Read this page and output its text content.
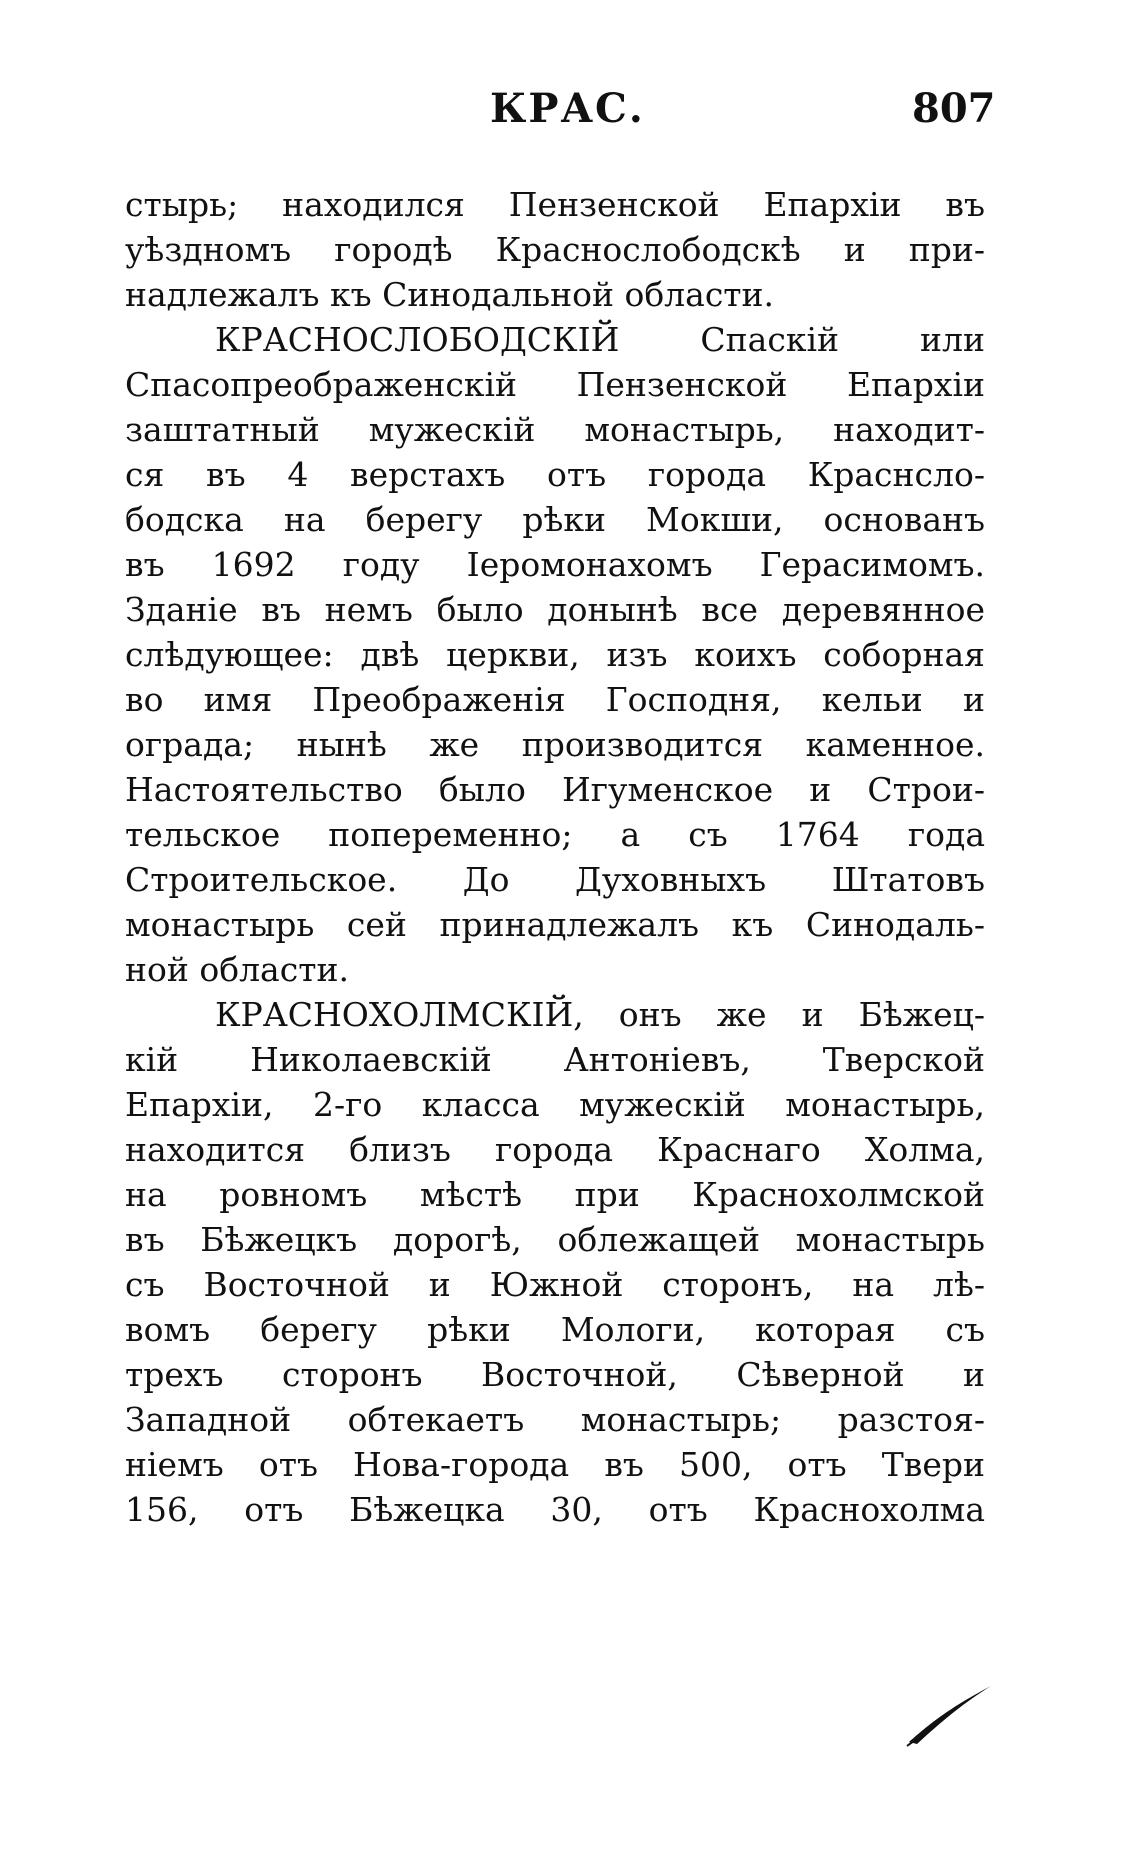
КРАС.	807
стырь; находился Пензенской Епархіи въ
уѣздномъ городѣ Краснослободскѣ и при-
надлежалъ къ Синодальной области.
КРАСНОСЛОБОДСКІЙ Спаскій или
Спасопреображенскій Пензенской Епархіи
заштатный мужескій монастырь, находит-
ся въ 4 верстахъ отъ города Краснсло-
бодска на берегу рѣки Мокши, основанъ
въ 1692 году Іеромонахомъ Герасимомъ.
Зданіе въ немъ было донынѣ все деревянное
слѣдующее: двѣ церкви, изъ коихъ соборная
во имя Преображенія Господня, кельи и
ограда; нынѣ же производится каменное.
Настоятельство было Игуменское и Строи-
тельское попеременно; а съ 1764 года
Строительское. До Духовныхъ Штатовъ
монастырь сей принадлежалъ къ Синодаль-
ной области.
КРАСНОХОЛМСКІЙ, онъ же и Бѣжец-
кій Николаевскій Антоніевъ, Тверской
Епархіи, 2-го класса мужескій монастырь,
находится близъ города Краснаго Холма,
на ровномъ мѣстѣ при Краснохолмской
въ Бѣжецкъ дорогѣ, облежащей монастырь
съ Восточной и Южной сторонъ, на лѣ-
вомъ берегу рѣки Мологи, которая съ
трехъ сторонъ Восточной, Сѣверной и
Западной обтекаетъ монастырь; разстоя-
ніемъ отъ Нова-города въ 500, отъ Твери
156, отъ Бѣжецка 30, отъ Краснохолма
